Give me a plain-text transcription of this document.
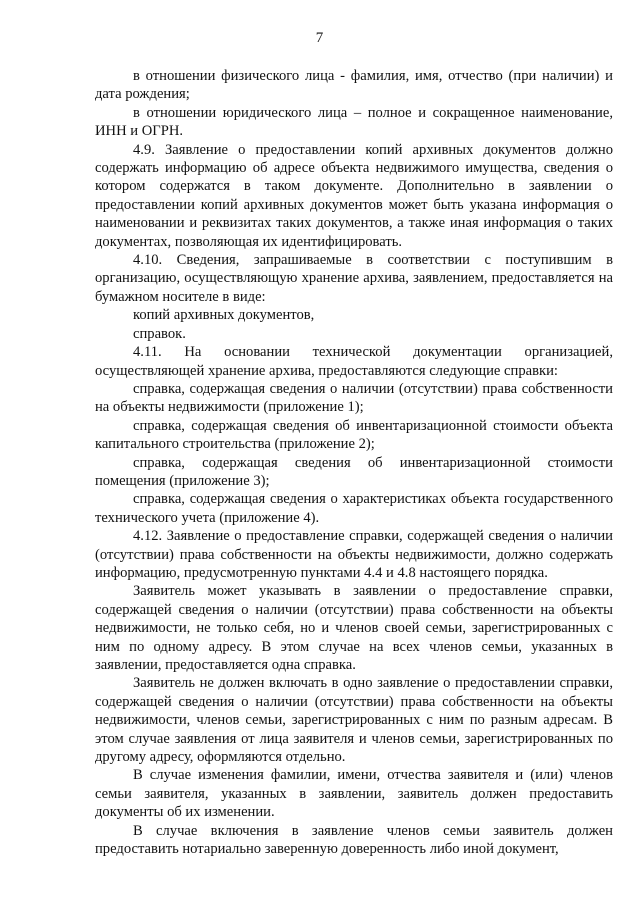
7

в отношении физического лица - фамилия, имя, отчество (при наличии) и дата рождения;

в отношении юридического лица – полное и сокращенное наименование, ИНН и ОГРН.

4.9. Заявление о предоставлении копий архивных документов должно содержать информацию об адресе объекта недвижимого имущества, сведения о котором содержатся в таком документе. Дополнительно в заявлении о предоставлении копий архивных документов может быть указана информация о наименовании и реквизитах таких документов, а также иная информация о таких документах, позволяющая их идентифицировать.

4.10. Сведения, запрашиваемые в соответствии с поступившим в организацию, осуществляющую хранение архива, заявлением, предоставляется на бумажном носителе в виде:

копий архивных документов,

справок.

4.11. На основании технической документации организацией, осуществляющей хранение архива, предоставляются следующие справки:

справка, содержащая сведения о наличии (отсутствии) права собственности на объекты недвижимости (приложение 1);

справка, содержащая сведения об инвентаризационной стоимости объекта капитального строительства (приложение 2);

справка, содержащая сведения об инвентаризационной стоимости помещения (приложение 3);

справка, содержащая сведения о характеристиках объекта государственного технического учета (приложение 4).

4.12. Заявление о предоставление справки, содержащей сведения о наличии (отсутствии) права собственности на объекты недвижимости, должно содержать информацию, предусмотренную пунктами 4.4 и 4.8 настоящего порядка.

Заявитель может указывать в заявлении о предоставление справки, содержащей сведения о наличии (отсутствии) права собственности на объекты недвижимости, не только себя, но и членов своей семьи, зарегистрированных с ним по одному адресу. В этом случае на всех членов семьи, указанных в заявлении, предоставляется одна справка.

Заявитель не должен включать в одно заявление о предоставлении справки, содержащей сведения о наличии (отсутствии) права собственности на объекты недвижимости, членов семьи, зарегистрированных с ним по разным адресам. В этом случае заявления от лица заявителя и членов семьи, зарегистрированных по другому адресу, оформляются отдельно.

В случае изменения фамилии, имени, отчества заявителя и (или) членов семьи заявителя, указанных в заявлении, заявитель должен предоставить документы об их изменении.

В случае включения в заявление членов семьи заявитель должен предоставить нотариально заверенную доверенность либо иной документ,
